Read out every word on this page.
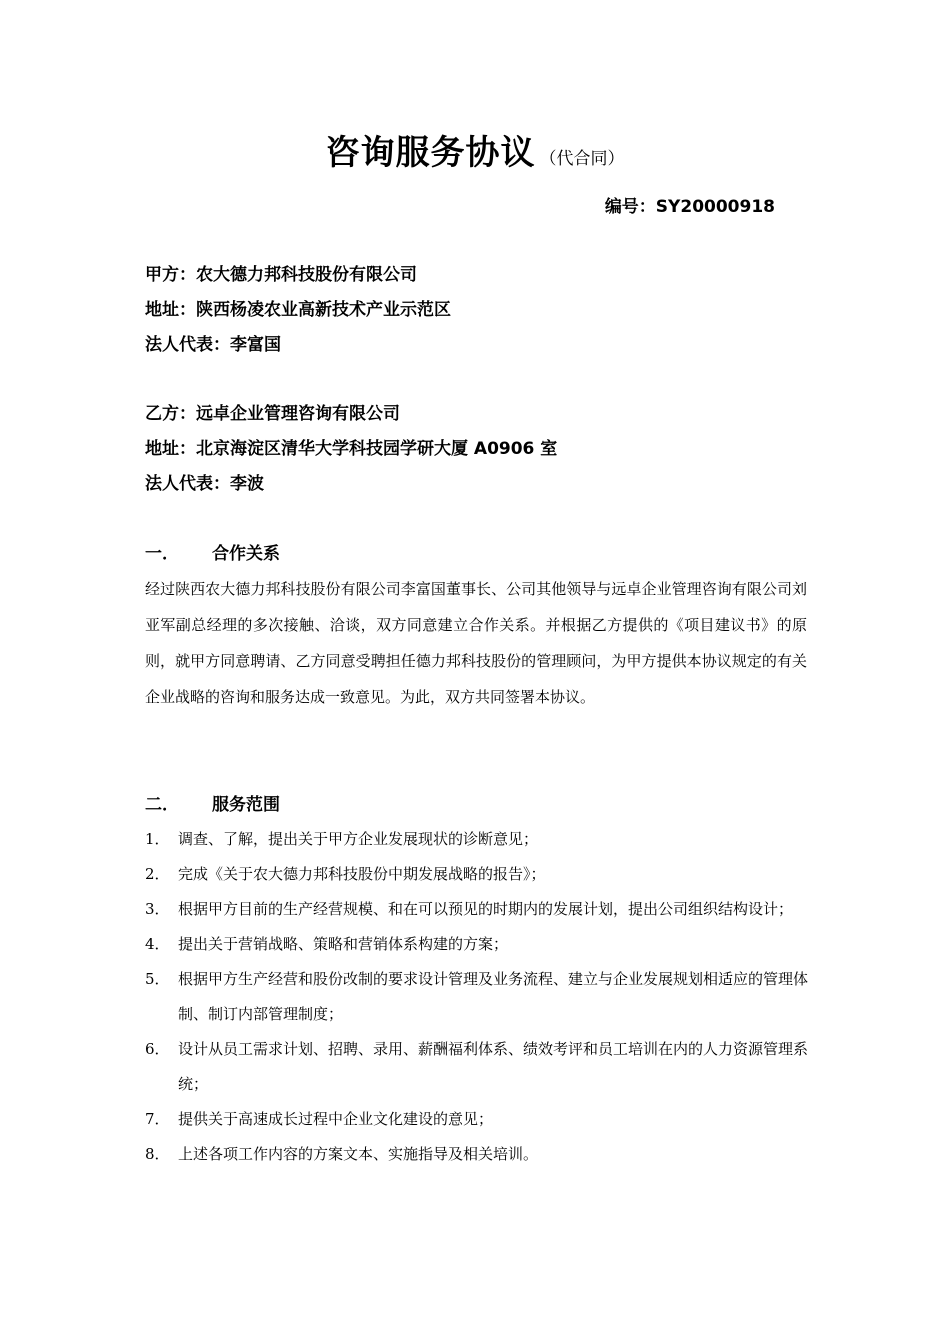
咨询服务协议 （代合同）
编号：SY20000918
甲方：农大德力邦科技股份有限公司
地址：陕西杨凌农业高新技术产业示范区
法人代表：李富国
乙方：远卓企业管理咨询有限公司
地址：北京海淀区清华大学科技园学研大厦 A0906 室
法人代表：李波
一． 合作关系

经过陕西农大德力邦科技股份有限公司李富国董事长、公司其他领导与远卓企业管理咨询有限公司刘亚军副总经理的多次接触、洽谈，双方同意建立合作关系。并根据乙方提供的《项目建议书》的原则，就甲方同意聘请、乙方同意受聘担任德力邦科技股份的管理顾问，为甲方提供本协议规定的有关企业战略的咨询和服务达成一致意见。为此，双方共同签署本协议。

二． 服务范围
1． 调查、了解，提出关于甲方企业发展现状的诊断意见；
2． 完成《关于农大德力邦科技股份中期发展战略的报告》；
3． 根据甲方目前的生产经营规模、和在可以预见的时期内的发展计划，提出公司组织结构设计；
4． 提出关于营销战略、策略和营销体系构建的方案；
5． 根据甲方生产经营和股份改制的要求设计管理及业务流程、建立与企业发展规划相适应的管理体制、制订内部管理制度；
6． 设计从员工需求计划、招聘、录用、薪酬福利体系、绩效考评和员工培训在内的人力资源管理系统；
7． 提供关于高速成长过程中企业文化建设的意见；
8． 上述各项工作内容的方案文本、实施指导及相关培训。
